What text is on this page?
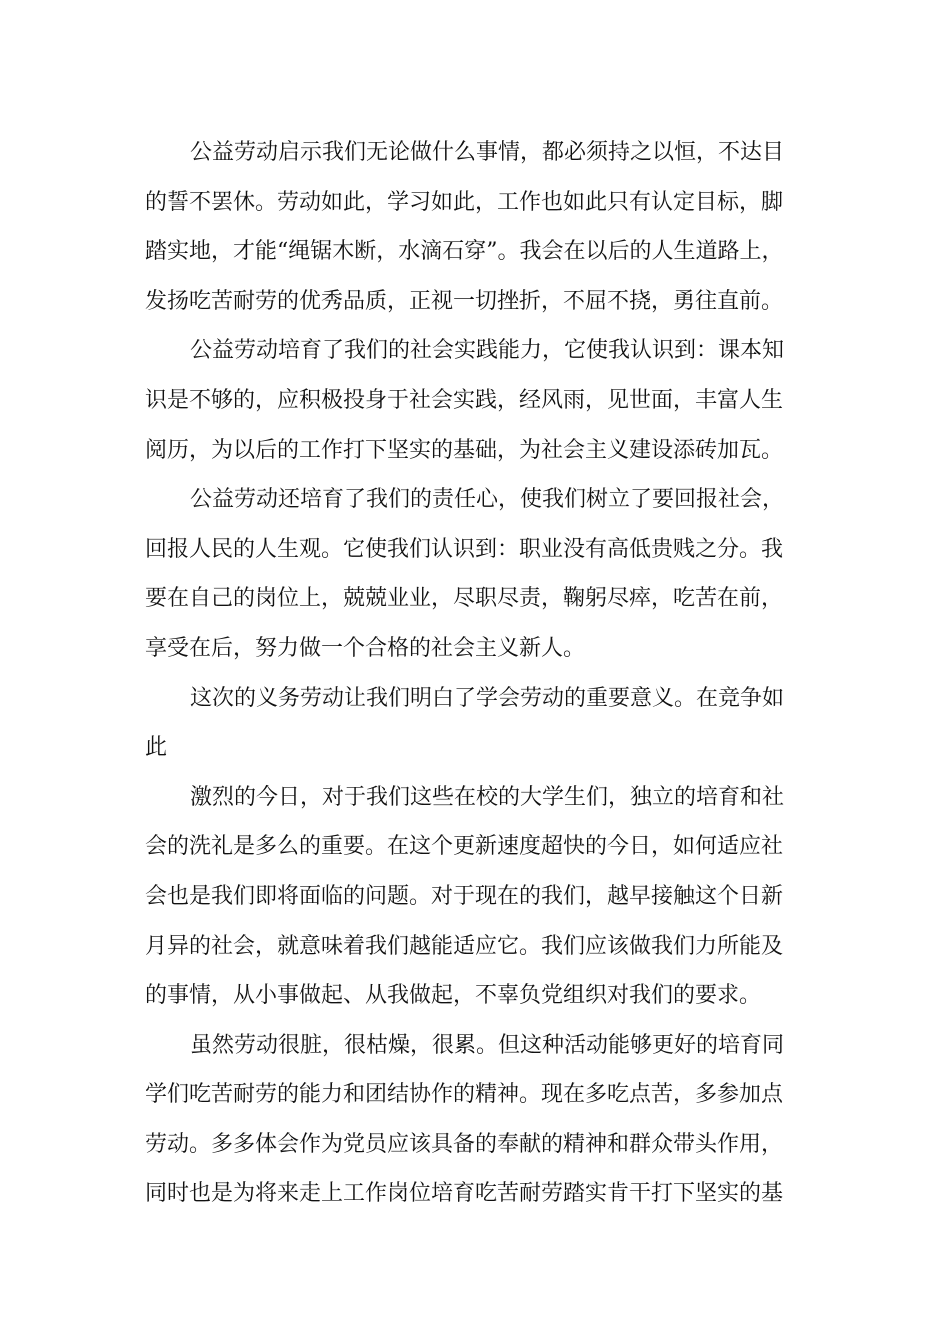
公益劳动启示我们无论做什么事情，都必须持之以恒，不达目
的誓不罢休。劳动如此，学习如此，工作也如此只有认定目标，脚
踏实地，才能“绳锯木断，水滴石穿”。我会在以后的人生道路上，
发扬吃苦耐劳的优秀品质，正视一切挫折，不屈不挠，勇往直前。
公益劳动培育了我们的社会实践能力，它使我认识到：课本知
识是不够的，应积极投身于社会实践，经风雨，见世面，丰富人生
阅历，为以后的工作打下坚实的基础，为社会主义建设添砖加瓦。
公益劳动还培育了我们的责任心，使我们树立了要回报社会，
回报人民的人生观。它使我们认识到：职业没有高低贵贱之分。我
要在自己的岗位上，兢兢业业，尽职尽责，鞠躬尽瘁，吃苦在前，
享受在后，努力做一个合格的社会主义新人。
这次的义务劳动让我们明白了学会劳动的重要意义。在竞争如
此
激烈的今日，对于我们这些在校的大学生们，独立的培育和社
会的洗礼是多么的重要。在这个更新速度超快的今日，如何适应社
会也是我们即将面临的问题。对于现在的我们，越早接触这个日新
月异的社会，就意味着我们越能适应它。我们应该做我们力所能及
的事情，从小事做起、从我做起，不辜负党组织对我们的要求。
虽然劳动很脏，很枯燥，很累。但这种活动能够更好的培育同
学们吃苦耐劳的能力和团结协作的精神。现在多吃点苦，多参加点
劳动。多多体会作为党员应该具备的奉献的精神和群众带头作用，
同时也是为将来走上工作岗位培育吃苦耐劳踏实肯干打下坚实的基
